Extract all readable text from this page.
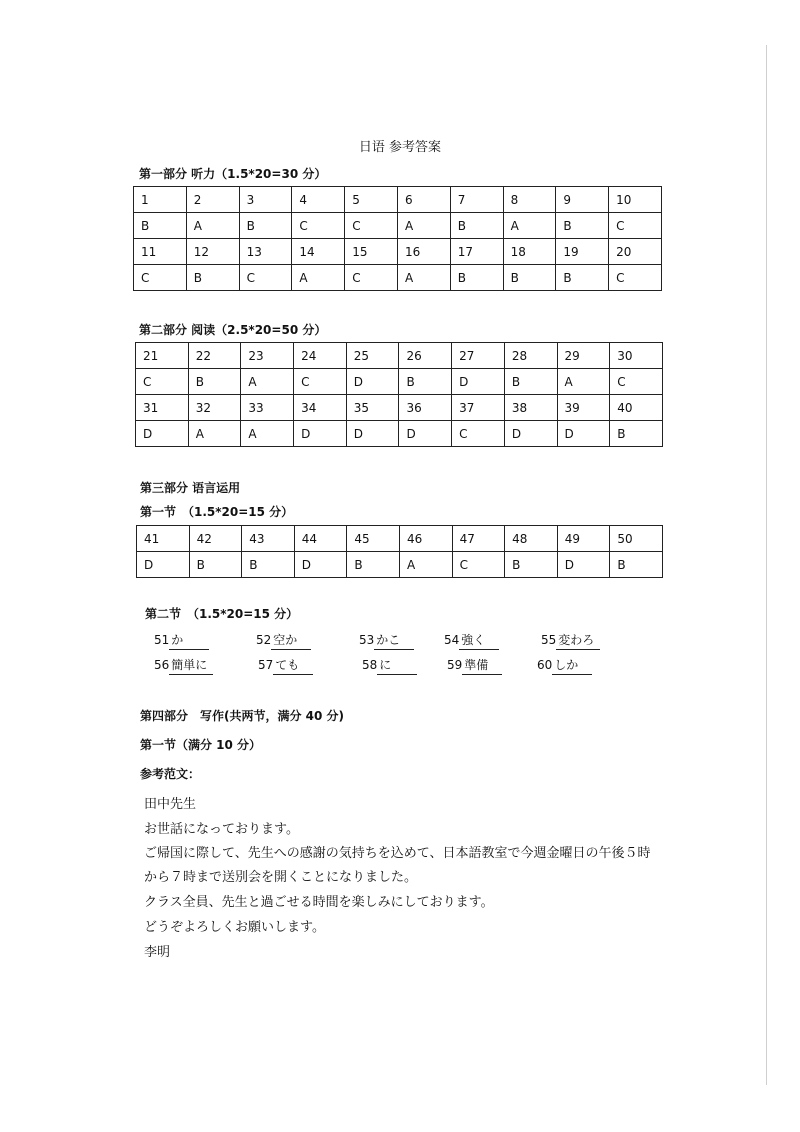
日语 参考答案
第一部分 听力（1.5*20=30 分）
1	2	3	4	5	6	7	8	9	10
B	A	B	C	C	A	B	A	B	C
11	12	13	14	15	16	17	18	19	20
C	B	C	A	C	A	B	B	B	C
第二部分 阅读（2.5*20=50 分）
21	22	23	24	25	26	27	28	29	30
C	B	A	C	D	B	D	B	A	C
31	32	33	34	35	36	37	38	39	40
D	A	A	D	D	D	C	D	D	B
第三部分 语言运用
第一节 （1.5*20=15 分）
41	42	43	44	45	46	47	48	49	50
D	B	B	D	B	A	C	B	D	B
第二节 （1.5*20=15 分）
51 か	52 空か	53 かこ	54 強く	55 変わろ
56 簡単に	57 ても	58 に	59 準備	60 しか
第四部分　写作(共两节，满分 40 分)
第一节（满分 10 分）
参考范文：
田中先生
お世話になっております。
ご帰国に際して、先生への感謝の気持ちを込めて、日本語教室で今週金曜日の午後５時
から７時まで送別会を開くことになりました。
クラス全員、先生と過ごせる時間を楽しみにしております。
どうぞよろしくお願いします。
李明
